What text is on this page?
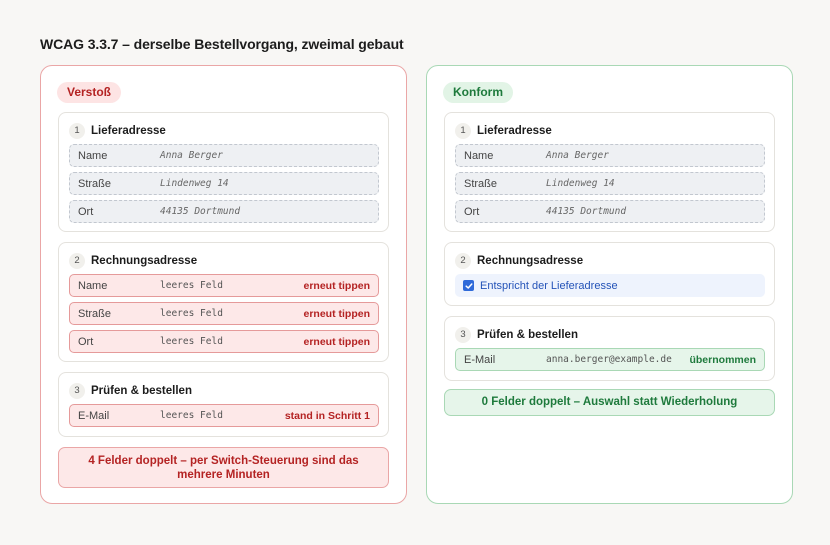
WCAG 3.3.7 – derselbe Bestellvorgang, zweimal gebaut
Verstoß
1 Lieferadresse
Name	Anna Berger
Straße	Lindenweg 14
Ort	44135 Dortmund
2 Rechnungsadresse
Name	leeres Feld	erneut tippen
Straße	leeres Feld	erneut tippen
Ort	leeres Feld	erneut tippen
3 Prüfen & bestellen
E-Mail	leeres Feld	stand in Schritt 1
4 Felder doppelt – per Switch-Steuerung sind das mehrere Minuten
Konform
1 Lieferadresse
Name	Anna Berger
Straße	Lindenweg 14
Ort	44135 Dortmund
2 Rechnungsadresse
Entspricht der Lieferadresse
3 Prüfen & bestellen
E-Mail	anna.berger@example.de	übernommen
0 Felder doppelt – Auswahl statt Wiederholung
